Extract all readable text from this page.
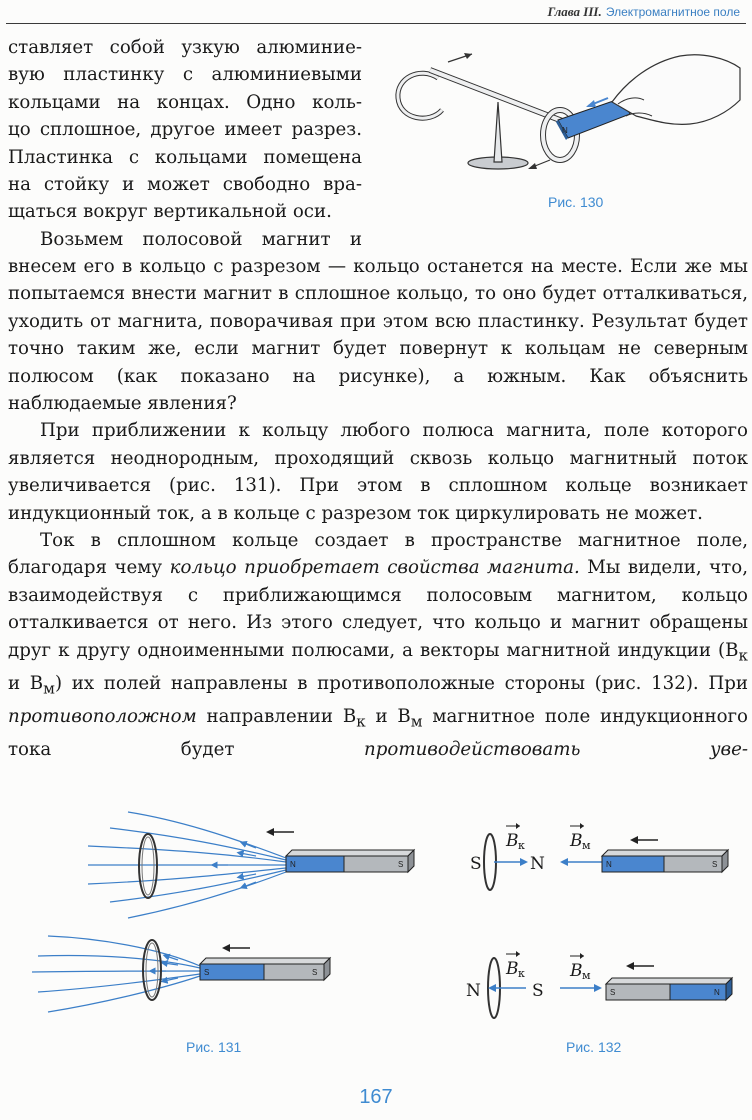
Глава III. Электромагнитное поле

ставляет собой узкую алюминие-

вую пластинку с алюминиевыми

кольцами на концах. Одно коль-

цо сплошное, другое имеет разрез.

Пластинка с кольцами помещена

на стойку и может свободно вра-

щаться вокруг вертикальной оси.

Возьмем полосовой магнит и

N
Рис. 130

внесем его в кольцо с разрезом — кольцо останется на месте. Если же мы попытаемся внести магнит в сплошное кольцо, то оно будет отталкиваться, уходить от магнита, поворачивая при этом всю пластинку. Результат будет точно таким же, если магнит будет повернут к кольцам не северным полюсом (как показано на рисунке), а южным. Как объяснить наблюдаемые явления?

При приближении к кольцу любого полюса магнита, поле которого является неоднородным, проходящий сквозь кольцо магнитный поток увеличивается (рис. 131). При этом в сплошном кольце возникает индукционный ток, а в кольце с разрезом ток циркулировать не может.

Ток в сплошном кольце создает в пространстве магнитное поле, благодаря чему кольцо приобретает свойства магнита. Мы видели, что, взаимодействуя с приближающимся полосовым магнитом, кольцо отталкивается от него. Из этого следует, что кольцо и магнит обращены друг к другу одноименными полюсами, а векторы магнитной индукции ($B_к$ и $B_м$) их полей направлены в противоположные стороны (рис. 132). При противоположном направлении $B_к$ и $B_м$ магнитное поле индукционного тока будет	противодействовать уве-

N	S
S	S
Рис. 131
S	N
B к	B м
N	S
N	S
B к	B м
S	N
Рис. 132
167
